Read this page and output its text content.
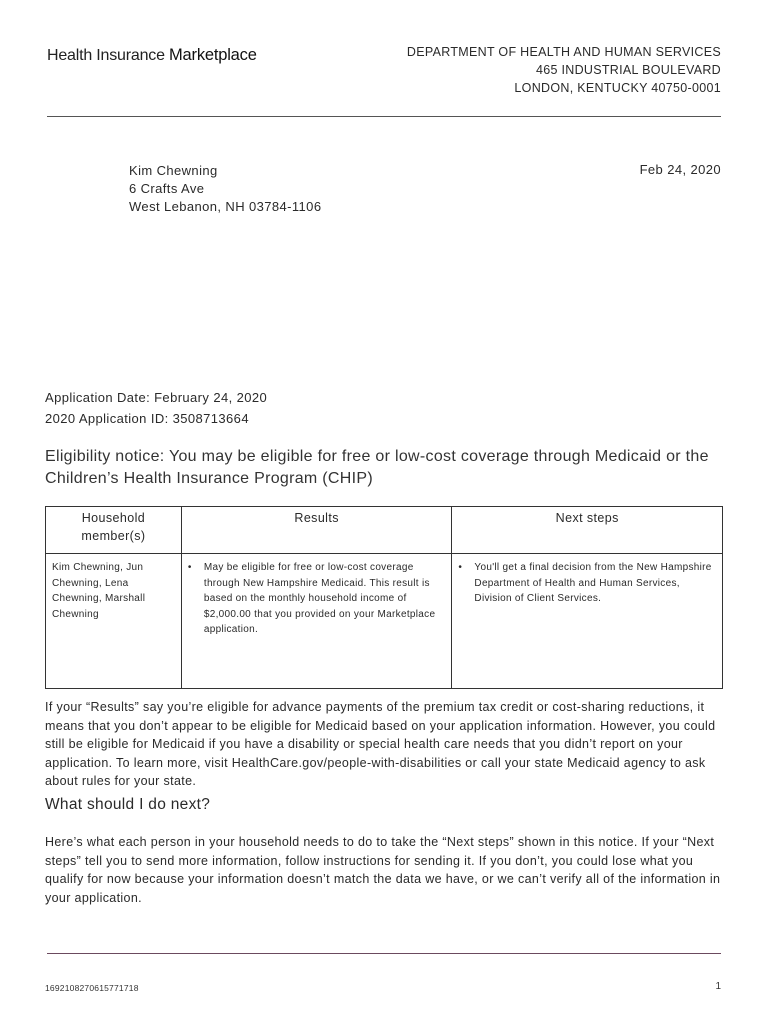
Health Insurance Marketplace	DEPARTMENT OF HEALTH AND HUMAN SERVICES
465 INDUSTRIAL BOULEVARD
LONDON, KENTUCKY 40750-0001
Kim Chewning
6 Crafts Ave
West Lebanon, NH 03784-1106
Feb 24, 2020
Application Date: February 24, 2020
2020 Application ID: 3508713664
Eligibility notice: You may be eligible for free or low-cost coverage through Medicaid or the Children’s Health Insurance Program (CHIP)
Household member(s)	Results	Next steps
Kim Chewning, Jun Chewning, Lena Chewning, Marshall Chewning	• May be eligible for free or low-cost coverage through New Hampshire Medicaid. This result is based on the monthly household income of $2,000.00 that you provided on your Marketplace application.	• You'll get a final decision from the New Hampshire Department of Health and Human Services, Division of Client Services.
If your “Results” say you’re eligible for advance payments of the premium tax credit or cost-sharing reductions, it means that you don’t appear to be eligible for Medicaid based on your application information. However, you could still be eligible for Medicaid if you have a disability or special health care needs that you didn’t report on your application. To learn more, visit HealthCare.gov/people-with-disabilities or call your state Medicaid agency to ask about rules for your state.
What should I do next?
Here’s what each person in your household needs to do to take the “Next steps” shown in this notice. If your “Next steps” tell you to send more information, follow instructions for sending it. If you don’t, you could lose what you qualify for now because your information doesn’t match the data we have, or we can’t verify all of the information in your application.
1692108270615771718	1
